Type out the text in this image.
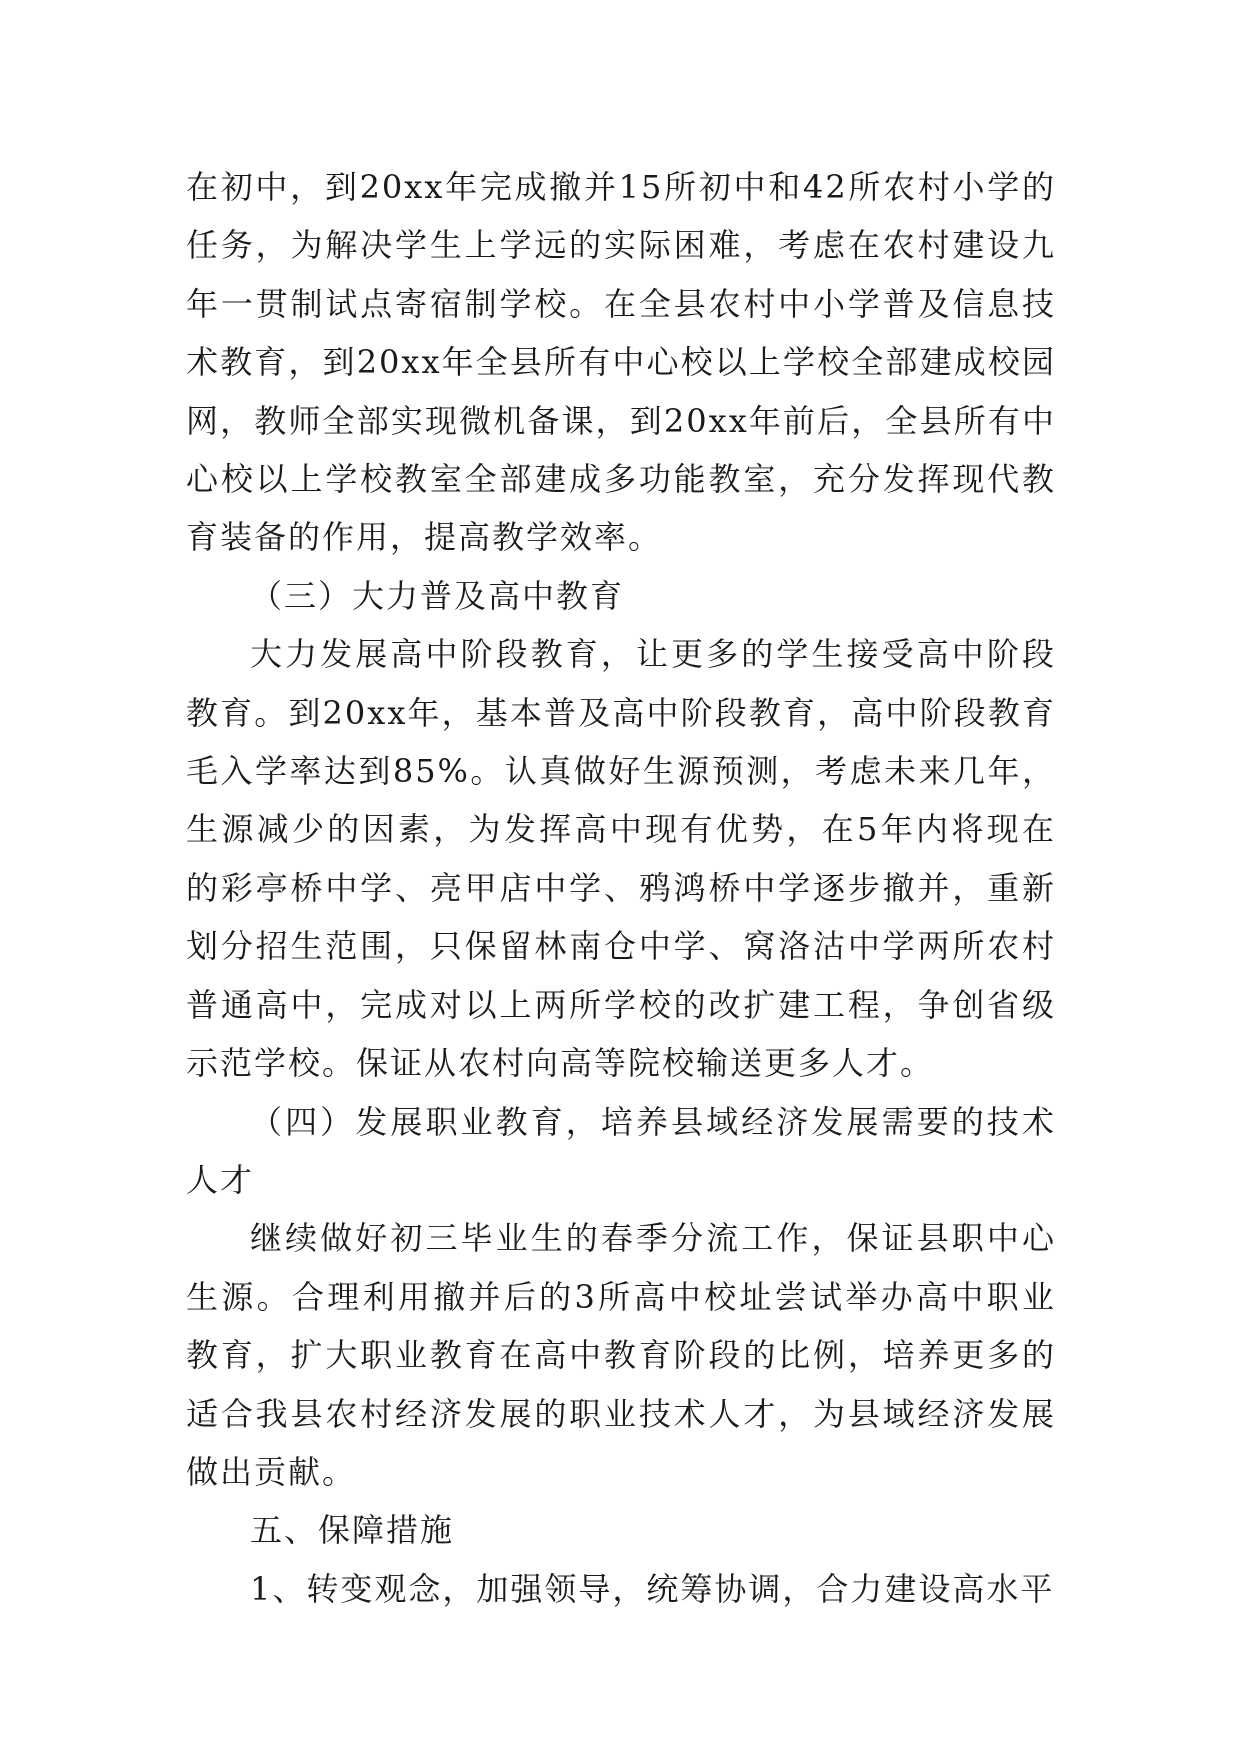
在初中，到20xx年完成撤并15所初中和42所农村小学的任务，为解决学生上学远的实际困难，考虑在农村建设九年一贯制试点寄宿制学校。在全县农村中小学普及信息技术教育，到20xx年全县所有中心校以上学校全部建成校园网，教师全部实现微机备课，到20xx年前后，全县所有中心校以上学校教室全部建成多功能教室，充分发挥现代教育装备的作用，提高教学效率。

（三）大力普及高中教育

大力发展高中阶段教育，让更多的学生接受高中阶段教育。到20xx年，基本普及高中阶段教育，高中阶段教育毛入学率达到85%。认真做好生源预测，考虑未来几年，生源减少的因素，为发挥高中现有优势，在5年内将现在的彩亭桥中学、亮甲店中学、鸦鸿桥中学逐步撤并，重新划分招生范围，只保留林南仓中学、窝洛沽中学两所农村普通高中，完成对以上两所学校的改扩建工程，争创省级示范学校。保证从农村向高等院校输送更多人才。

（四）发展职业教育，培养县域经济发展需要的技术人才

继续做好初三毕业生的春季分流工作，保证县职中心生源。合理利用撤并后的3所高中校址尝试举办高中职业教育，扩大职业教育在高中教育阶段的比例，培养更多的适合我县农村经济发展的职业技术人才，为县域经济发展做出贡献。

五、保障措施

1、转变观念，加强领导，统筹协调，合力建设高水平
